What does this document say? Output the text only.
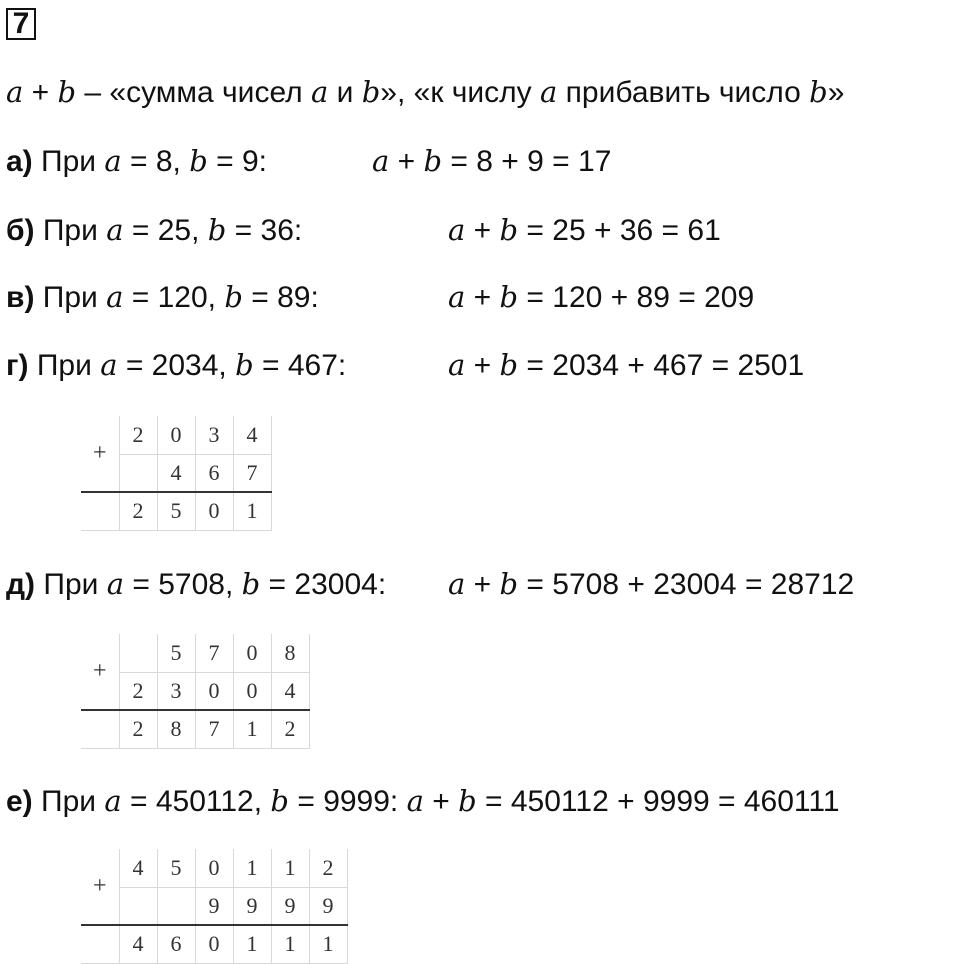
7
a + b – «сумма чисел a и b», «к числу a прибавить число b»
а) При a = 8, b = 9:	a + b = 8 + 9 = 17
б) При a = 25, b = 36:	a + b = 25 + 36 = 61
в) При a = 120, b = 89:	a + b = 120 + 89 = 209
г) При a = 2034, b = 467:	a + b = 2034 + 467 = 2501
+	2	0	3	4
		4	6	7
	2	5	0	1
д) При a = 5708, b = 23004: a + b = 5708 + 23004 = 28712
+		5	7	0	8
	2	3	0	0	4
	2	8	7	1	2
е) При a = 450112, b = 9999: a + b = 450112 + 9999 = 460111
+	4	5	0	1	1	2
			9	9	9	9
	4	6	0	1	1	1
